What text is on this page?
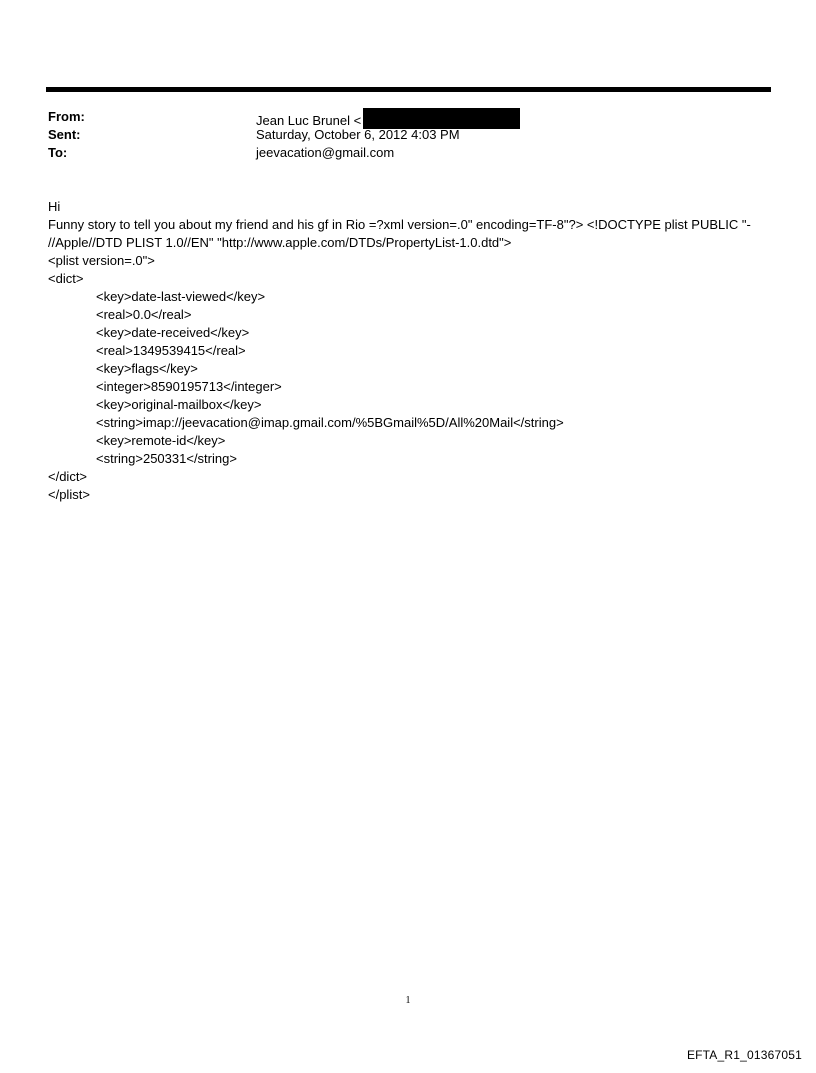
From:	Jean Luc Brunel <
Sent:	Saturday, October 6, 2012 4:03 PM
To:	jeevacation@gmail.com
Hi
Funny story to tell you about my friend and his gf in Rio =?xml version=.0" encoding=TF-8"?> <!DOCTYPE plist PUBLIC "-
//Apple//DTD PLIST 1.0//EN" "http://www.apple.com/DTDs/PropertyList-1.0.dtd">
<plist version=.0">
<dict>
<key>date-last-viewed</key>
<real>0.0</real>
<key>date-received</key>
<real>1349539415</real>
<key>flags</key>
<integer>8590195713</integer>
<key>original-mailbox</key>
<string>imap://jeevacation@imap.gmail.com/%5BGmail%5D/All%20Mail</string>
<key>remote-id</key>
<string>250331</string>
</dict>
</plist>
1
EFTA_R1_01367051
